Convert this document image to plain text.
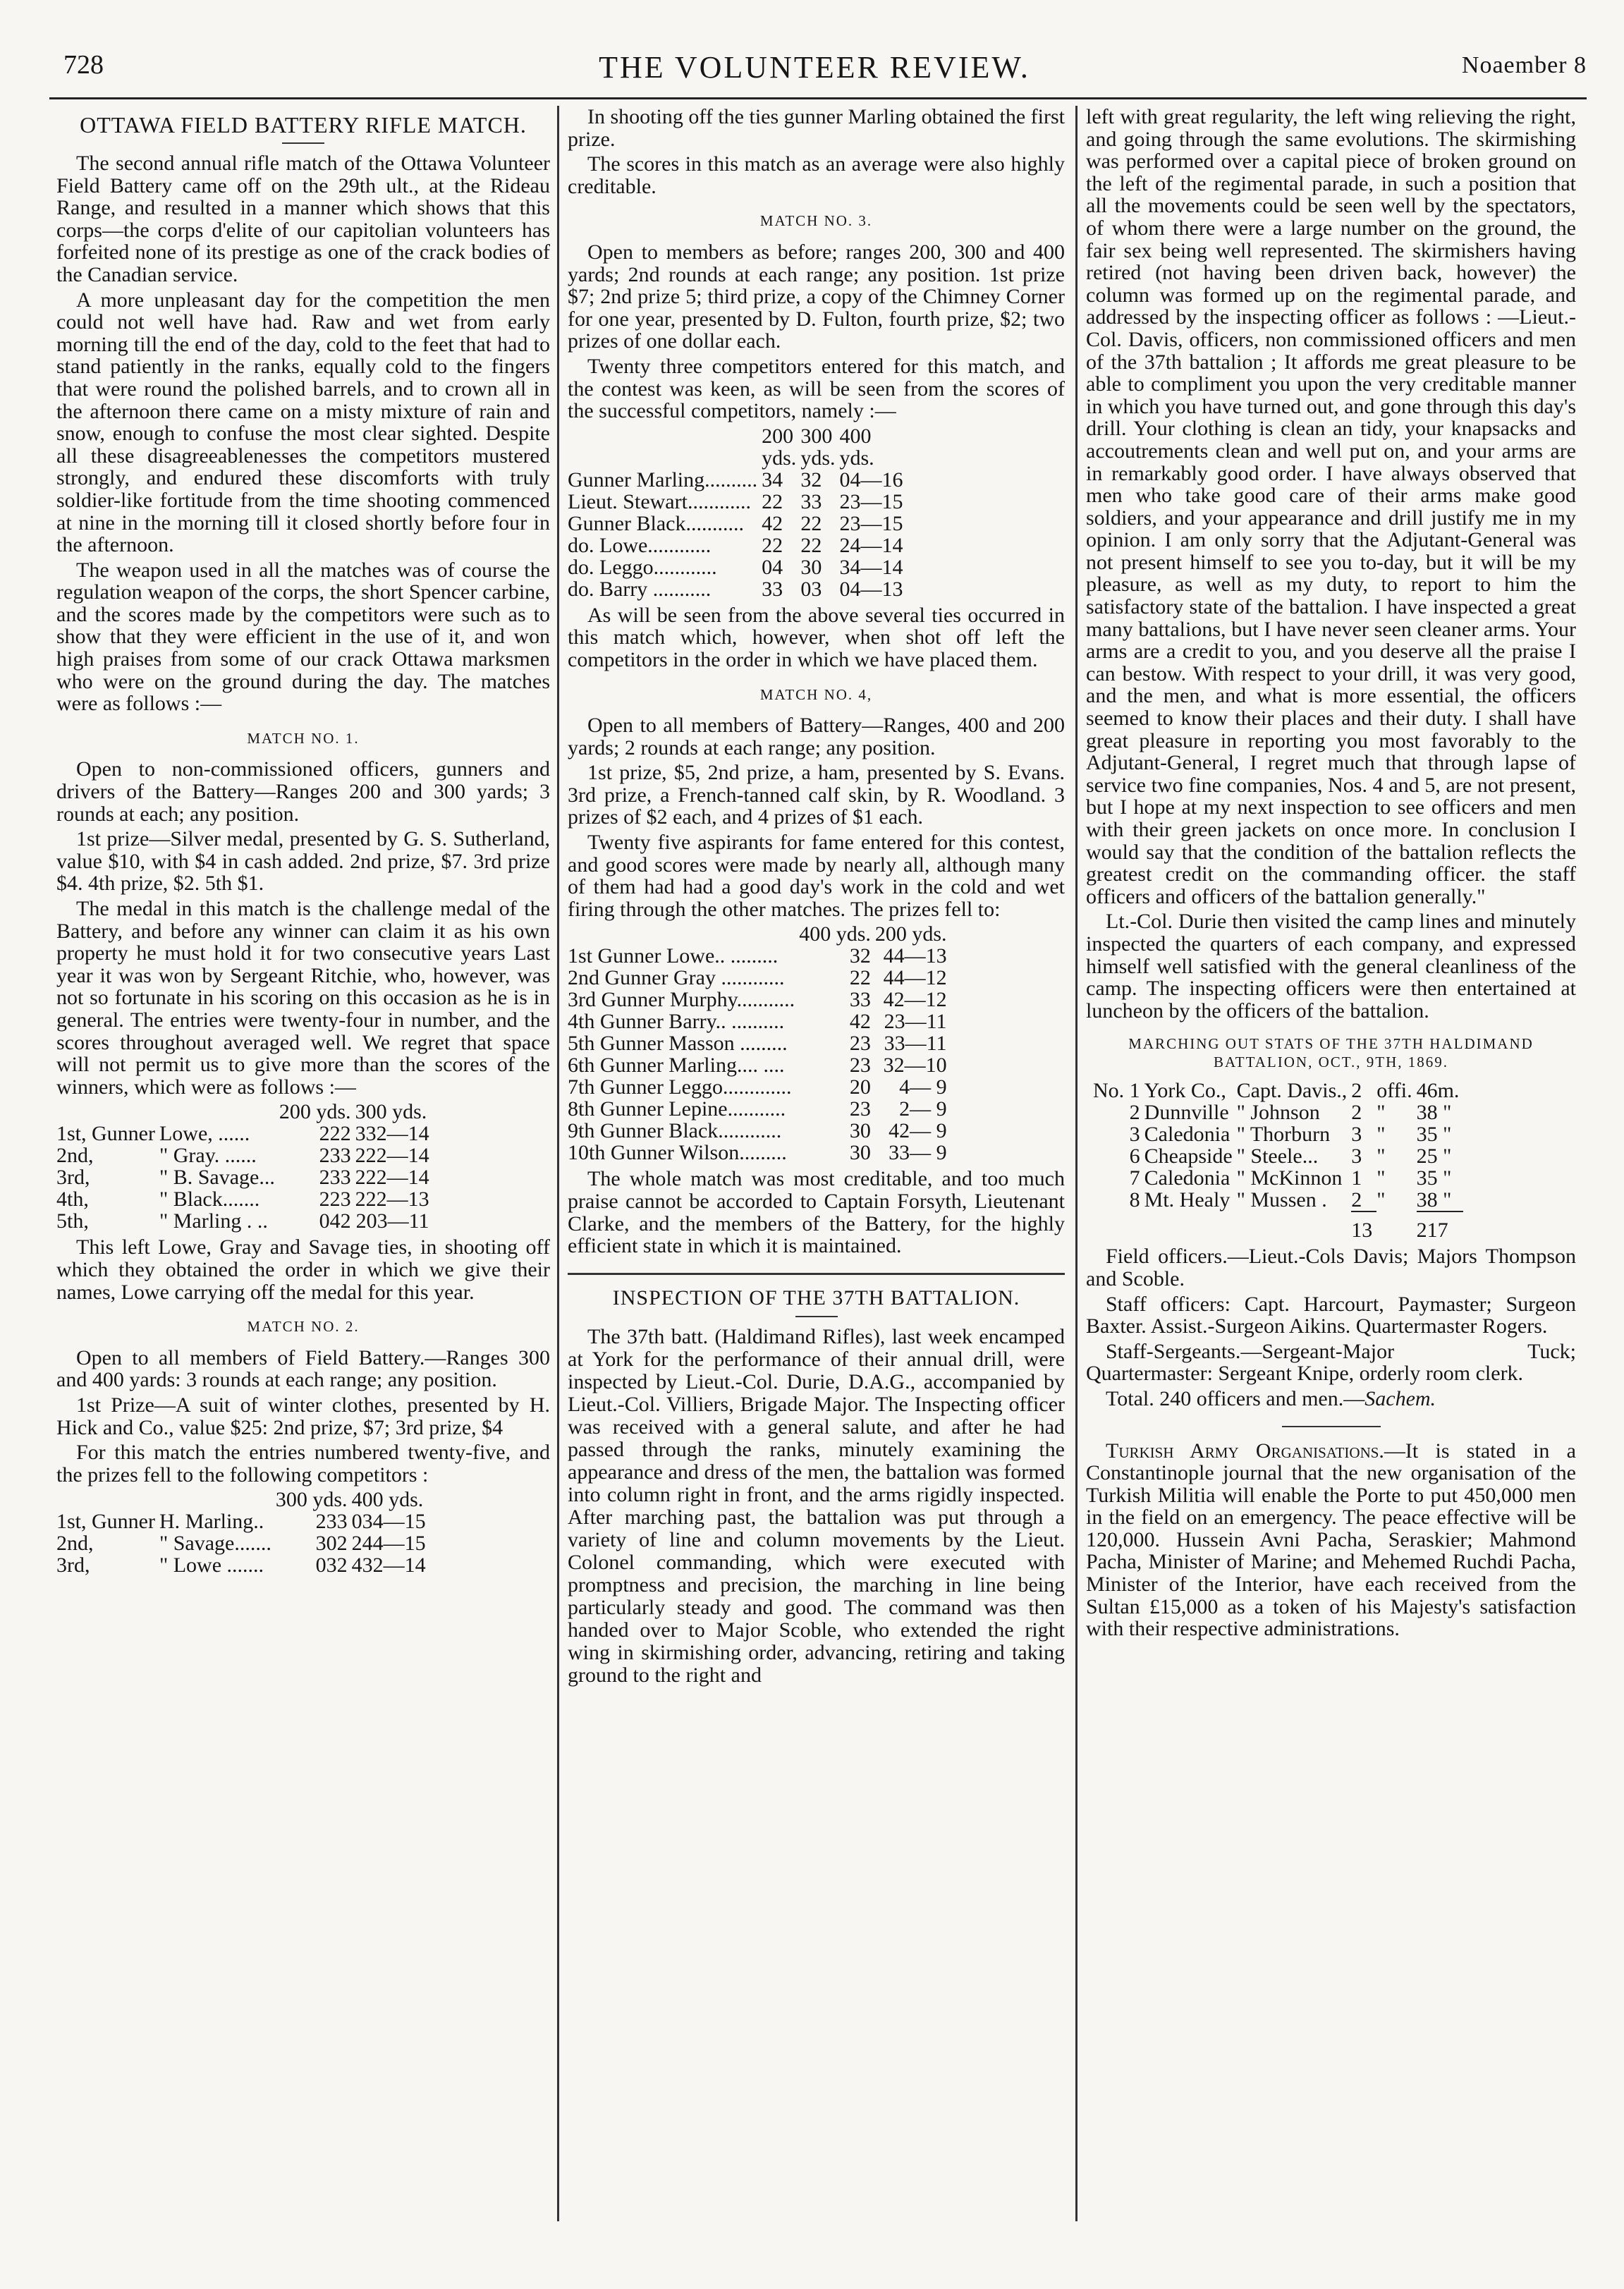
728	THE VOLUNTEER REVIEW.	Noaember 8
OTTAWA FIELD BATTERY RIFLE MATCH.

The second annual rifle match of the Ottawa Volunteer Field Battery came off on the 29th ult., at the Rideau Range, and resulted in a manner which shows that this corps—the corps d'elite of our capitolian volunteers has forfeited none of its prestige as one of the crack bodies of the Canadian service.

A more unpleasant day for the competition the men could not well have had. Raw and wet from early morning till the end of the day, cold to the feet that had to stand patiently in the ranks, equally cold to the fingers that were round the polished barrels, and to crown all in the afternoon there came on a misty mixture of rain and snow, enough to confuse the most clear sighted. Despite all these disagreeablenesses the competitors mustered strongly, and endured these discomforts with truly soldier-like fortitude from the time shooting commenced at nine in the morning till it closed shortly before four in the afternoon.

The weapon used in all the matches was of course the regulation weapon of the corps, the short Spencer carbine, and the scores made by the competitors were such as to show that they were efficient in the use of it, and won high praises from some of our crack Ottawa marksmen who were on the ground during the day. The matches were as follows :—

MATCH NO. 1.

Open to non-commissioned officers, gunners and drivers of the Battery—Ranges 200 and 300 yards; 3 rounds at each; any position.

1st prize—Silver medal, presented by G. S. Sutherland, value $10, with $4 in cash added. 2nd prize, $7. 3rd prize $4. 4th prize, $2. 5th $1.

The medal in this match is the challenge medal of the Battery, and before any winner can claim it as his own property he must hold it for two consecutive years Last year it was won by Sergeant Ritchie, who, however, was not so fortunate in his scoring on this occasion as he is in general. The entries were twenty-four in number, and the scores throughout averaged well. We regret that space will not permit us to give more than the scores of the winners, which were as follows :—

		200 yds.	300 yds.
1st, Gunner	Lowe, ......	222	332—14
2nd,	" Gray. ......	233	222—14
3rd,	" B. Savage...	233	222—14
4th,	" Black.......	223	222—13
5th,	" Marling . ..	042	203—11

This left Lowe, Gray and Savage ties, in shooting off which they obtained the order in which we give their names, Lowe carrying off the medal for this year.

MATCH NO. 2.

Open to all members of Field Battery.—Ranges 300 and 400 yards: 3 rounds at each range; any position.

1st Prize—A suit of winter clothes, presented by H. Hick and Co., value $25: 2nd prize, $7; 3rd prize, $4

For this match the entries numbered twenty-five, and the prizes fell to the following competitors :

		300 yds.	400 yds.
1st, Gunner	H. Marling..	233	034—15
2nd,	" Savage.......	302	244—15
3rd,	" Lowe .......	032	432—14

In shooting off the ties gunner Marling obtained the first prize.

The scores in this match as an average were also highly creditable.

MATCH NO. 3.

Open to members as before; ranges 200, 300 and 400 yards; 2nd rounds at each range; any position. 1st prize $7; 2nd prize 5; third prize, a copy of the Chimney Corner for one year, presented by D. Fulton, fourth prize, $2; two prizes of one dollar each.

Twenty three competitors entered for this match, and the contest was keen, as will be seen from the scores of the successful competitors, namely :—

	200	300	400
	yds.	yds.	yds.
Gunner Marling..........	34	32	04—16
Lieut. Stewart............	22	33	23—15
Gunner Black...........	42	22	23—15
do. Lowe............	22	22	24—14
do. Leggo............	04	30	34—14
do. Barry ...........	33	03	04—13

As will be seen from the above several ties occurred in this match which, however, when shot off left the competitors in the order in which we have placed them.

MATCH NO. 4,

Open to all members of Battery—Ranges, 400 and 200 yards; 2 rounds at each range; any position.

1st prize, $5, 2nd prize, a ham, presented by S. Evans. 3rd prize, a French-tanned calf skin, by R. Woodland. 3 prizes of $2 each, and 4 prizes of $1 each.

Twenty five aspirants for fame entered for this contest, and good scores were made by nearly all, although many of them had had a good day's work in the cold and wet firing through the other matches. The prizes fell to:

	400 yds.	200 yds.
1st Gunner Lowe.. .........	32	44—13
2nd Gunner Gray ............	22	44—12
3rd Gunner Murphy...........	33	42—12
4th Gunner Barry.. ..........	42	23—11
5th Gunner Masson .........	23	33—11
6th Gunner Marling.... ....	23	32—10
7th Gunner Leggo.............	20	4— 9
8th Gunner Lepine...........	23	2— 9
9th Gunner Black............	30	42— 9
10th Gunner Wilson.........	30	33— 9

The whole match was most creditable, and too much praise cannot be accorded to Captain Forsyth, Lieutenant Clarke, and the members of the Battery, for the highly efficient state in which it is maintained.

INSPECTION OF THE 37TH BATTALION.

The 37th batt. (Haldimand Rifles), last week encamped at York for the performance of their annual drill, were inspected by Lieut.-Col. Durie, D.A.G., accompanied by Lieut.-Col. Villiers, Brigade Major. The Inspecting officer was received with a general salute, and after he had passed through the ranks, minutely examining the appearance and dress of the men, the battalion was formed into column right in front, and the arms rigidly inspected. After marching past, the battalion was put through a variety of line and column movements by the Lieut. Colonel commanding, which were executed with promptness and precision, the marching in line being particularly steady and good. The command was then handed over to Major Scoble, who extended the right wing in skirmishing order, advancing, retiring and taking ground to the right and

left with great regularity, the left wing relieving the right, and going through the same evolutions. The skirmishing was performed over a capital piece of broken ground on the left of the regimental parade, in such a position that all the movements could be seen well by the spectators, of whom there were a large number on the ground, the fair sex being well represented. The skirmishers having retired (not having been driven back, however) the column was formed up on the regimental parade, and addressed by the inspecting officer as follows : —Lieut.-Col. Davis, officers, non commissioned officers and men of the 37th battalion ; It affords me great pleasure to be able to compliment you upon the very creditable manner in which you have turned out, and gone through this day's drill. Your clothing is clean an tidy, your knapsacks and accoutrements clean and well put on, and your arms are in remarkably good order. I have always observed that men who take good care of their arms make good soldiers, and your appearance and drill justify me in my opinion. I am only sorry that the Adjutant-General was not present himself to see you to-day, but it will be my pleasure, as well as my duty, to report to him the satisfactory state of the battalion. I have inspected a great many battalions, but I have never seen cleaner arms. Your arms are a credit to you, and you deserve all the praise I can bestow. With respect to your drill, it was very good, and the men, and what is more essential, the officers seemed to know their places and their duty. I shall have great pleasure in reporting you most favorably to the Adjutant-General, I regret much that through lapse of service two fine companies, Nos. 4 and 5, are not present, but I hope at my next inspection to see officers and men with their green jackets on once more. In conclusion I would say that the condition of the battalion reflects the greatest credit on the commanding officer. the staff officers and officers of the battalion generally."

Lt.-Col. Durie then visited the camp lines and minutely inspected the quarters of each company, and expressed himself well satisfied with the general cleanliness of the camp. The inspecting officers were then entertained at luncheon by the officers of the battalion.

MARCHING OUT STATS OF THE 37TH HALDIMAND BATTALION, OCT., 9TH, 1869.
No. 1	York Co.,	Capt. Davis.,	2	offi.	46m.
2	Dunnville	" Johnson	2	"	38 "
3	Caledonia	" Thorburn	3	"	35 "
6	Cheapside	" Steele...	3	"	25 "
7	Caledonia	" McKinnon	1	"	35 "
8	Mt. Healy	" Mussen .	2	"	38 "
			13		217

Field officers.—Lieut.-Cols Davis; Majors Thompson and Scoble.

Staff officers: Capt. Harcourt, Paymaster; Surgeon Baxter. Assist.-Surgeon Aikins. Quartermaster Rogers.

Staff-Sergeants.—Sergeant-Major Tuck; Quartermaster: Sergeant Knipe, orderly room clerk.

Total. 240 officers and men.—Sachem.

Turkish Army Organisations.—It is stated in a Constantinople journal that the new organisation of the Turkish Militia will enable the Porte to put 450,000 men in the field on an emergency. The peace effective will be 120,000. Hussein Avni Pacha, Seraskier; Mahmond Pacha, Minister of Marine; and Mehemed Ruchdi Pacha, Minister of the Interior, have each received from the Sultan £15,000 as a token of his Majesty's satisfaction with their respective administrations.
